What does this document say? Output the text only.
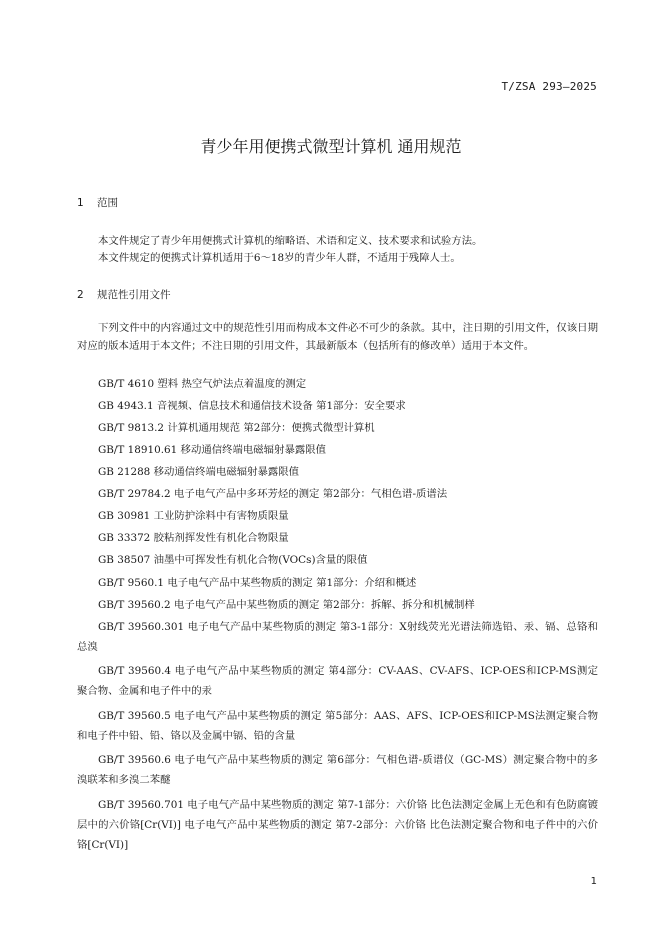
T/ZSA 293—2025
青少年用便携式微型计算机 通用规范
1 范围

本文件规定了青少年用便携式计算机的缩略语、术语和定义、技术要求和试验方法。

本文件规定的便携式计算机适用于6～18岁的青少年人群，不适用于残障人士。

2 规范性引用文件

下列文件中的内容通过文中的规范性引用而构成本文件必不可少的条款。其中，注日期的引用文件，仅该日期对应的版本适用于本文件；不注日期的引用文件，其最新版本（包括所有的修改单）适用于本文件。

GB/T 4610 塑料 热空气炉法点着温度的测定

GB 4943.1 音视频、信息技术和通信技术设备 第1部分：安全要求

GB/T 9813.2 计算机通用规范 第2部分：便携式微型计算机

GB/T 18910.61 移动通信终端电磁辐射暴露限值

GB 21288 移动通信终端电磁辐射暴露限值

GB/T 29784.2 电子电气产品中多环芳烃的测定 第2部分：气相色谱-质谱法

GB 30981 工业防护涂料中有害物质限量

GB 33372 胶粘剂挥发性有机化合物限量

GB 38507 油墨中可挥发性有机化合物(VOCs)含量的限值

GB/T 9560.1 电子电气产品中某些物质的测定 第1部分：介绍和概述

GB/T 39560.2 电子电气产品中某些物质的测定 第2部分：拆解、拆分和机械制样

GB/T 39560.301 电子电气产品中某些物质的测定 第3-1部分：X射线荧光光谱法筛选铅、汞、镉、总铬和总溴

GB/T 39560.4 电子电气产品中某些物质的测定 第4部分：CV-AAS、CV-AFS、ICP-OES和ICP-MS测定聚合物、金属和电子件中的汞

GB/T 39560.5 电子电气产品中某些物质的测定 第5部分：AAS、AFS、ICP-OES和ICP-MS法测定聚合物和电子件中铅、铅、铬以及金属中镉、铅的含量

GB/T 39560.6 电子电气产品中某些物质的测定 第6部分：气相色谱-质谱仪（GC-MS）测定聚合物中的多溴联苯和多溴二苯醚

GB/T 39560.701 电子电气产品中某些物质的测定 第7-1部分：六价铬 比色法测定金属上无色和有色防腐镀层中的六价铬[Cr(VI)] 电子电气产品中某些物质的测定 第7-2部分：六价铬 比色法测定聚合物和电子件中的六价铬[Cr(VI)]

1
